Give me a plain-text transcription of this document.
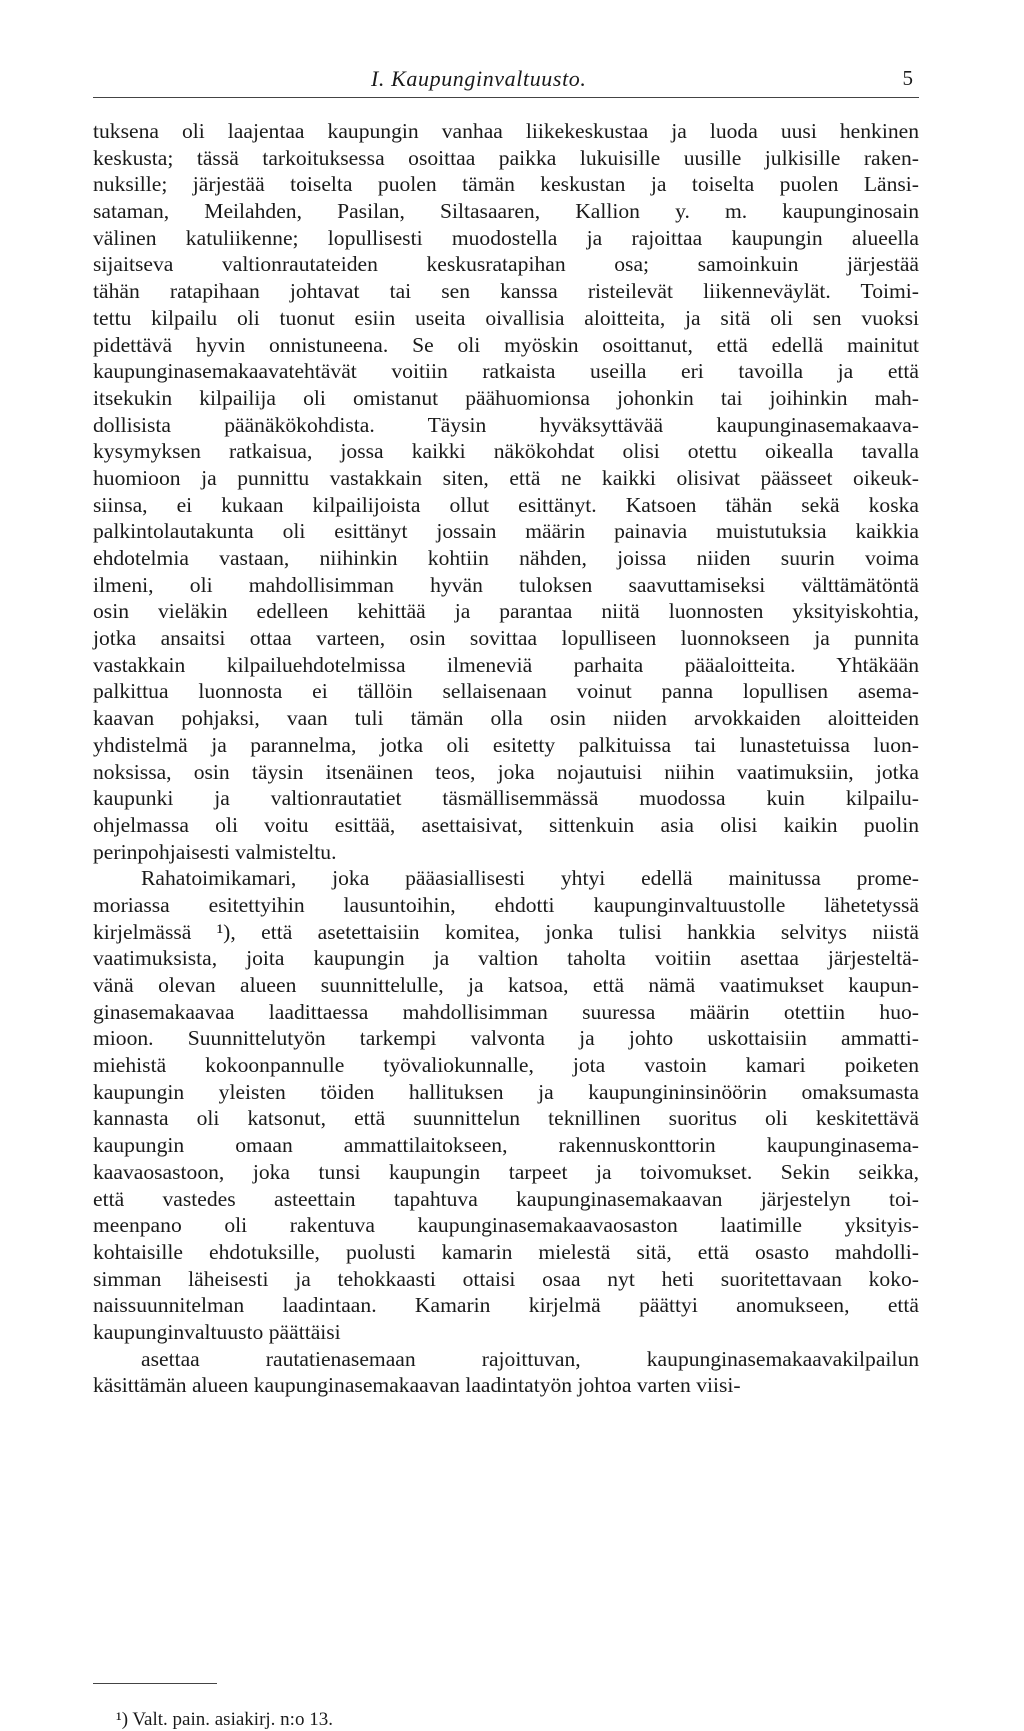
I. Kaupunginvaltuusto.	5
tuksena oli laajentaa kaupungin vanhaa liikekeskustaa ja luoda uusi henkinen
keskusta; tässä tarkoituksessa osoittaa paikka lukuisille uusille julkisille raken-
nuksille; järjestää toiselta puolen tämän keskustan ja toiselta puolen Länsi-
sataman, Meilahden, Pasilan, Siltasaaren, Kallion y. m. kaupunginosain
välinen katuliikenne; lopullisesti muodostella ja rajoittaa kaupungin alueella
sijaitseva valtionrautateiden keskusratapihan osa; samoinkuin järjestää
tähän ratapihaan johtavat tai sen kanssa risteilevät liikenneväylät. Toimi-
tettu kilpailu oli tuonut esiin useita oivallisia aloitteita, ja sitä oli sen vuoksi
pidettävä hyvin onnistuneena. Se oli myöskin osoittanut, että edellä mainitut
kaupunginasemakaavatehtävät voitiin ratkaista useilla eri tavoilla ja että
itsekukin kilpailija oli omistanut päähuomionsa johonkin tai joihinkin mah-
dollisista päänäkökohdista. Täysin hyväksyttävää kaupunginasemakaava-
kysymyksen ratkaisua, jossa kaikki näkökohdat olisi otettu oikealla tavalla
huomioon ja punnittu vastakkain siten, että ne kaikki olisivat päässeet oikeuk-
siinsa, ei kukaan kilpailijoista ollut esittänyt. Katsoen tähän sekä koska
palkintolautakunta oli esittänyt jossain määrin painavia muistutuksia kaikkia
ehdotelmia vastaan, niihinkin kohtiin nähden, joissa niiden suurin voima
ilmeni, oli mahdollisimman hyvän tuloksen saavuttamiseksi välttämätöntä
osin vieläkin edelleen kehittää ja parantaa niitä luonnosten yksityiskohtia,
jotka ansaitsi ottaa varteen, osin sovittaa lopulliseen luonnokseen ja punnita
vastakkain kilpailuehdotelmissa ilmeneviä parhaita pääaloitteita. Yhtäkään
palkittua luonnosta ei tällöin sellaisenaan voinut panna lopullisen asema-
kaavan pohjaksi, vaan tuli tämän olla osin niiden arvokkaiden aloitteiden
yhdistelmä ja parannelma, jotka oli esitetty palkituissa tai lunastetuissa luon-
noksissa, osin täysin itsenäinen teos, joka nojautuisi niihin vaatimuksiin, jotka
kaupunki ja valtionrautatiet täsmällisemmässä muodossa kuin kilpailu-
ohjelmassa oli voitu esittää, asettaisivat, sittenkuin asia olisi kaikin puolin
perinpohjaisesti valmisteltu.
Rahatoimikamari, joka pääasiallisesti yhtyi edellä mainitussa prome-
moriassa esitettyihin lausuntoihin, ehdotti kaupunginvaltuustolle lähetetyssä
kirjelmässä ¹), että asetettaisiin komitea, jonka tulisi hankkia selvitys niistä
vaatimuksista, joita kaupungin ja valtion taholta voitiin asettaa järjesteltä-
vänä olevan alueen suunnittelulle, ja katsoa, että nämä vaatimukset kaupun-
ginasemakaavaa laadittaessa mahdollisimman suuressa määrin otettiin huo-
mioon. Suunnittelutyön tarkempi valvonta ja johto uskottaisiin ammatti-
miehistä kokoonpannulle työvaliokunnalle, jota vastoin kamari poiketen
kaupungin yleisten töiden hallituksen ja kaupungininsinöörin omaksumasta
kannasta oli katsonut, että suunnittelun teknillinen suoritus oli keskitettävä
kaupungin omaan ammattilaitokseen, rakennuskonttorin kaupunginasema-
kaavaosastoon, joka tunsi kaupungin tarpeet ja toivomukset. Sekin seikka,
että vastedes asteettain tapahtuva kaupunginasemakaavan järjestelyn toi-
meenpano oli rakentuva kaupunginasemakaavaosaston laatimille yksityis-
kohtaisille ehdotuksille, puolusti kamarin mielestä sitä, että osasto mahdolli-
simman läheisesti ja tehokkaasti ottaisi osaa nyt heti suoritettavaan koko-
naissuunnitelman laadintaan. Kamarin kirjelmä päättyi anomukseen, että
kaupunginvaltuusto päättäisi
asettaa rautatienasemaan rajoittuvan, kaupunginasemakaavakilpailun
käsittämän alueen kaupunginasemakaavan laadintatyön johtoa varten viisi-
¹) Valt. pain. asiakirj. n:o 13.
